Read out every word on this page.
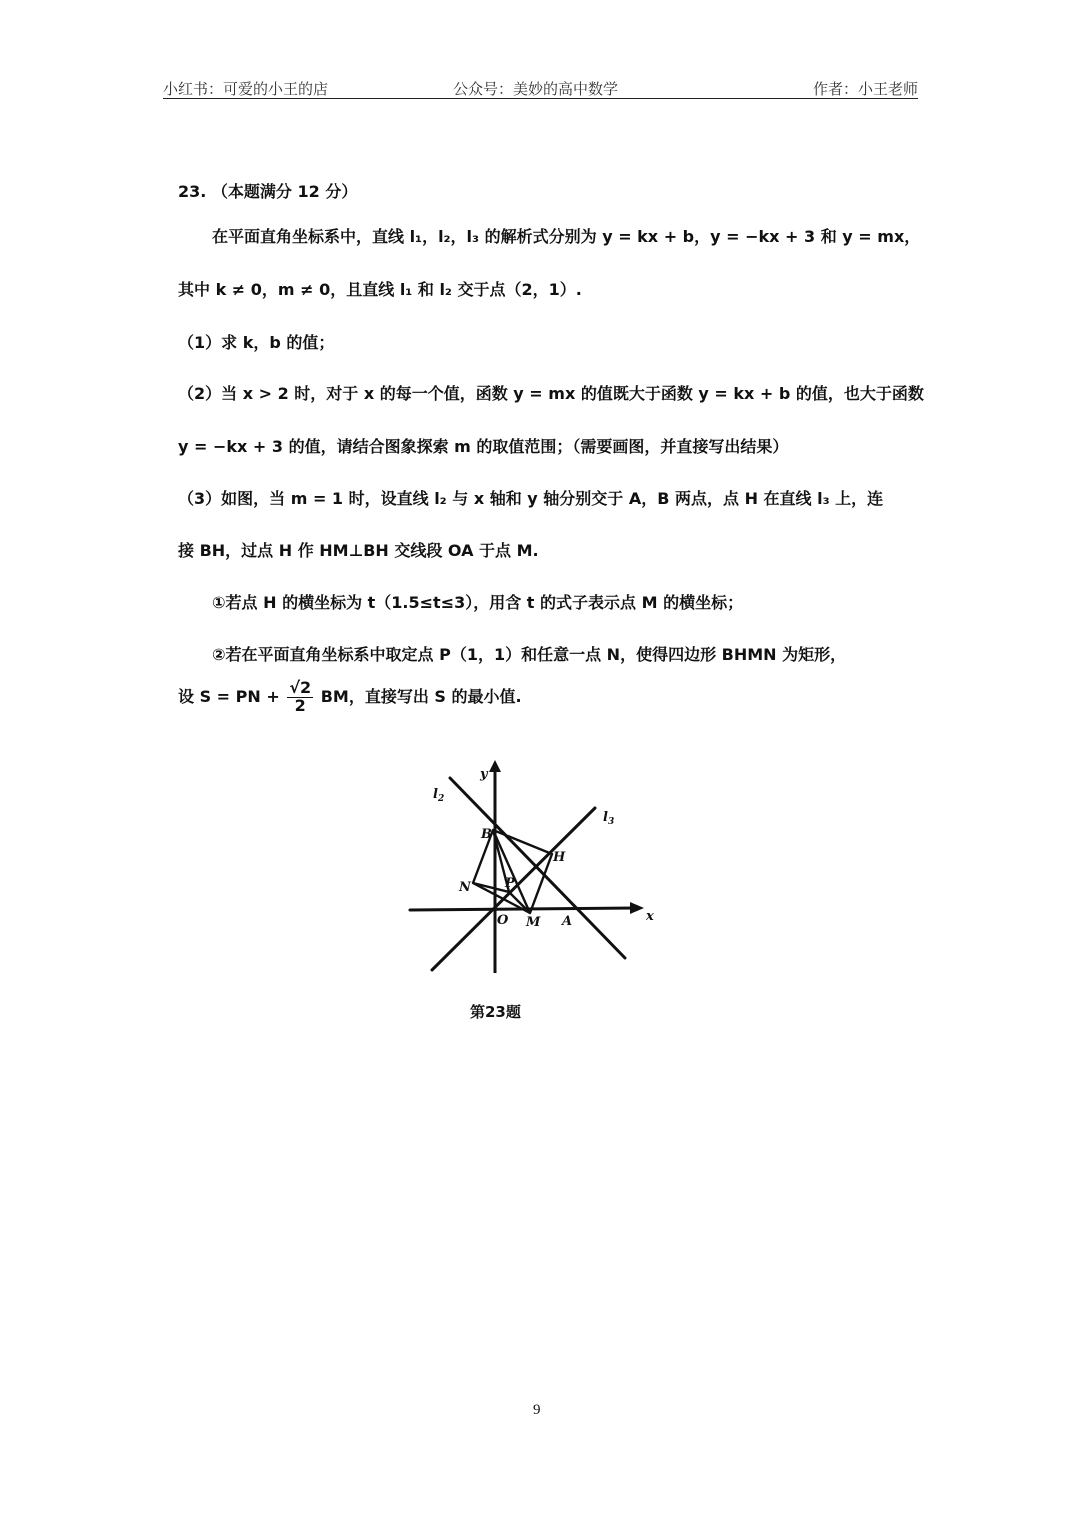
小红书：可爱的小王的店	公众号：美妙的高中数学	作者：小王老师
23. （本题满分 12 分）
在平面直角坐标系中，直线 l₁，l₂，l₃ 的解析式分别为 y = kx + b，y = −kx + 3 和 y = mx，
其中 k ≠ 0，m ≠ 0，且直线 l₁ 和 l₂ 交于点（2，1）.
（1）求 k，b 的值；
（2）当 x > 2 时，对于 x 的每一个值，函数 y = mx 的值既大于函数 y = kx + b 的值，也大于函数
y = −kx + 3 的值，请结合图象探索 m 的取值范围；（需要画图，并直接写出结果）
（3）如图，当 m = 1 时，设直线 l₂ 与 x 轴和 y 轴分别交于 A，B 两点，点 H 在直线 l₃ 上，连
接 BH，过点 H 作 HM⊥BH 交线段 OA 于点 M.
①若点 H 的横坐标为 t（1.5≤t≤3），用含 t 的式子表示点 M 的横坐标；
②若在平面直角坐标系中取定点 P（1，1）和任意一点 N，使得四边形 BHMN 为矩形，
设 S = PN + $\frac{√2}{2}$ BM，直接写出 S 的最小值.
y
x
$l_2$
$l_3$
B
H
N	P
O M A
第23题
9
